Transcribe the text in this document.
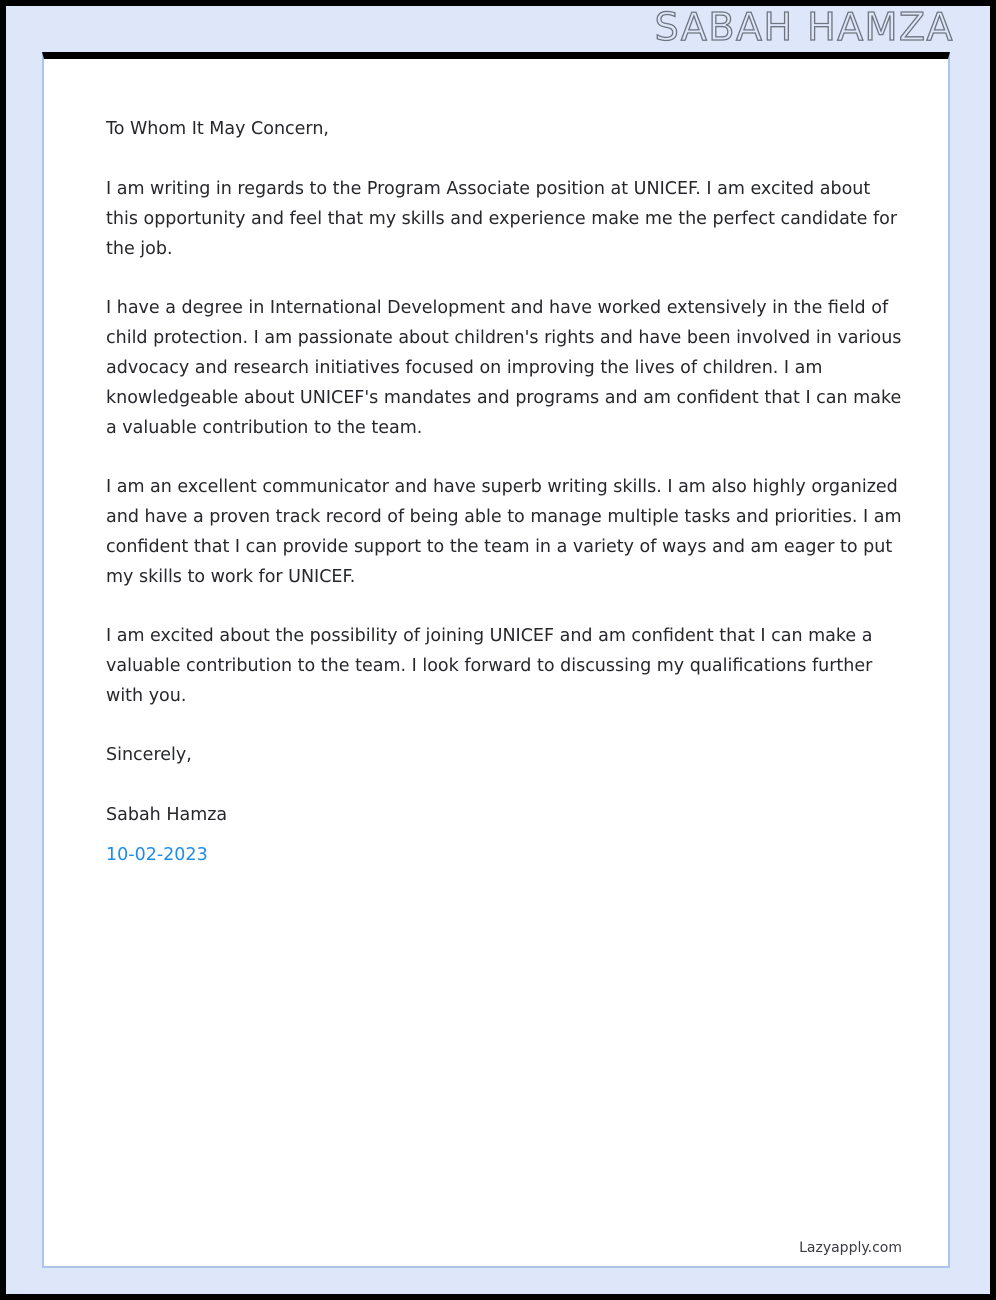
SABAH HAMZA

To Whom It May Concern,

I am writing in regards to the Program Associate position at UNICEF. I am excited about this opportunity and feel that my skills and experience make me the perfect candidate for the job.

I have a degree in International Development and have worked extensively in the field of child protection. I am passionate about children's rights and have been involved in various advocacy and research initiatives focused on improving the lives of children. I am knowledgeable about UNICEF's mandates and programs and am confident that I can make a valuable contribution to the team.

I am an excellent communicator and have superb writing skills. I am also highly organized and have a proven track record of being able to manage multiple tasks and priorities. I am confident that I can provide support to the team in a variety of ways and am eager to put my skills to work for UNICEF.

I am excited about the possibility of joining UNICEF and am confident that I can make a valuable contribution to the team. I look forward to discussing my qualifications further with you.

Sincerely,

Sabah Hamza

10-02-2023

Lazyapply.com
